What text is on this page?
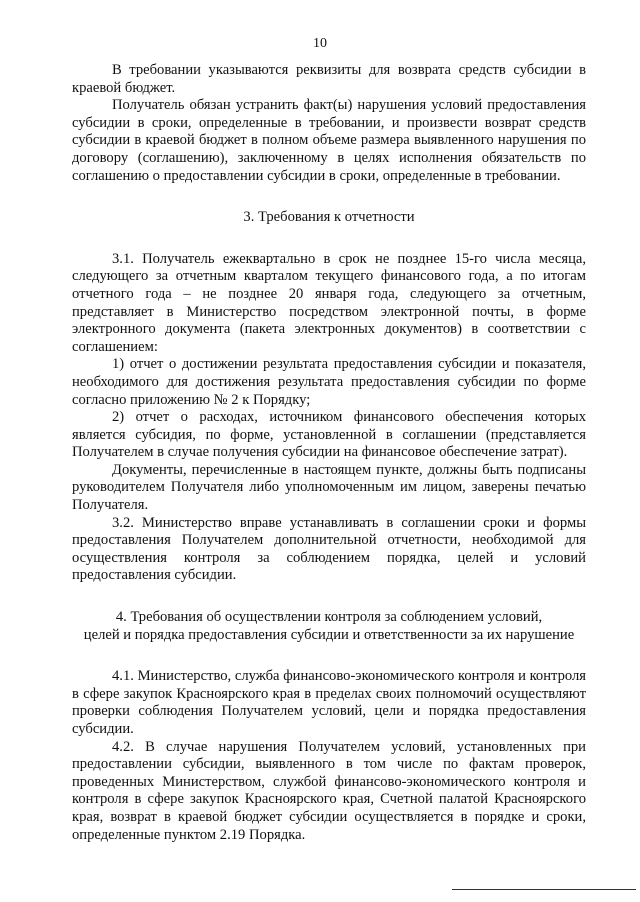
10

В требовании указываются реквизиты для возврата средств субсидии в краевой бюджет.

Получатель обязан устранить факт(ы) нарушения условий предоставления субсидии в сроки, определенные в требовании, и произвести возврат средств субсидии в краевой бюджет в полном объеме размера выявленного нарушения по договору (соглашению), заключенному в целях исполнения обязательств по соглашению о предоставлении субсидии в сроки, определенные в требовании.

3. Требования к отчетности

3.1. Получатель ежеквартально в срок не позднее 15-го числа месяца, следующего за отчетным кварталом текущего финансового года, а по итогам отчетного года – не позднее 20 января года, следующего за отчетным, представляет в Министерство посредством электронной почты, в форме электронного документа (пакета электронных документов) в соответствии с соглашением:

1) отчет о достижении результата предоставления субсидии и показателя, необходимого для достижения результата предоставления субсидии по форме согласно приложению № 2 к Порядку;

2) отчет о расходах, источником финансового обеспечения которых является субсидия, по форме, установленной в соглашении (представляется Получателем в случае получения субсидии на финансовое обеспечение затрат).

Документы, перечисленные в настоящем пункте, должны быть подписаны руководителем Получателя либо уполномоченным им лицом, заверены печатью Получателя.

3.2. Министерство вправе устанавливать в соглашении сроки и формы предоставления Получателем дополнительной отчетности, необходимой для осуществления контроля за соблюдением порядка, целей и условий предоставления субсидии.

4. Требования об осуществлении контроля за соблюдением условий,

целей и порядка предоставления субсидии и ответственности за их нарушение

4.1. Министерство, служба финансово-экономического контроля и контроля в сфере закупок Красноярского края в пределах своих полномочий осуществляют проверки соблюдения Получателем условий, цели и порядка предоставления субсидии.

4.2. В случае нарушения Получателем условий, установленных при предоставлении субсидии, выявленного в том числе по фактам проверок, проведенных Министерством, службой финансово-экономического контроля и контроля в сфере закупок Красноярского края, Счетной палатой Красноярского края, возврат в краевой бюджет субсидии осуществляется в порядке и сроки, определенные пунктом 2.19 Порядка.
